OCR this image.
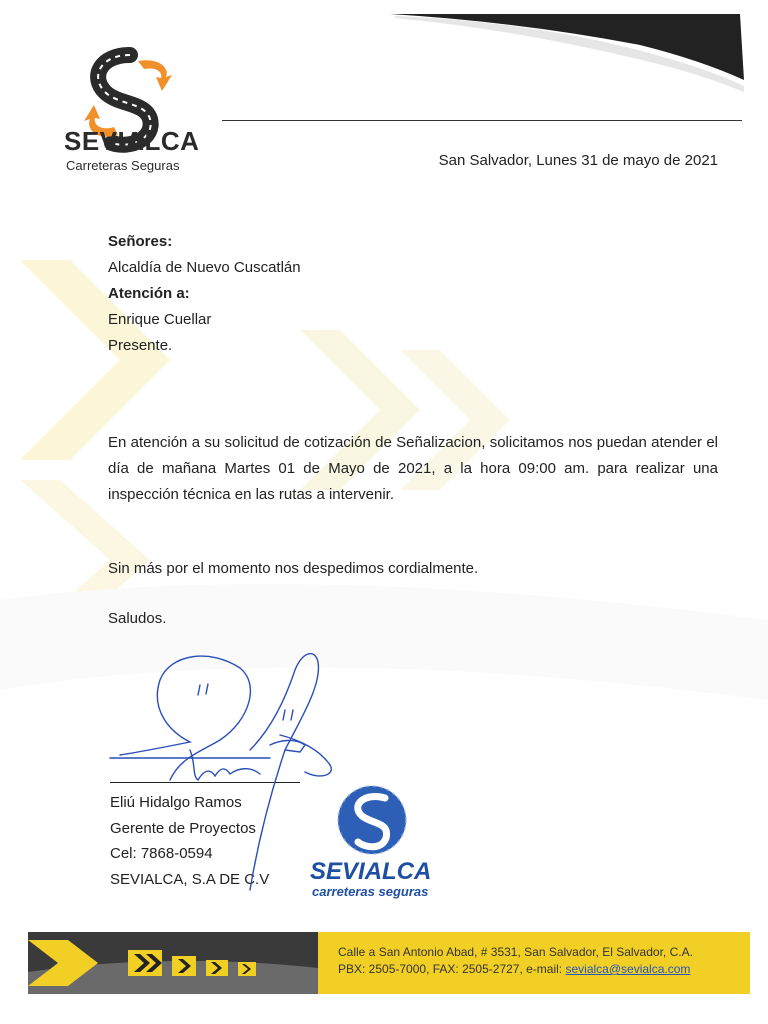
SEVIALCA
Carreteras Seguras	San Salvador, Lunes 31 de mayo de 2021
Señores:
Alcaldía de Nuevo Cuscatlán
Atención a:
Enrique Cuellar
Presente.
En atención a su solicitud de cotización de Señalizacion, solicitamos nos puedan atender el día de mañana Martes 01 de Mayo de 2021, a la hora 09:00 am. para realizar una inspección técnica en las rutas a intervenir.
Sin más por el momento nos despedimos cordialmente.
Saludos.
Eliú Hidalgo Ramos
Gerente de Proyectos
Cel: 7868-0594
SEVIALCA, S.A DE C.V SEVIALCA
carreteras seguras
Calle a San Antonio Abad, # 3531, San Salvador, El Salvador, C.A.
PBX: 2505-7000, FAX: 2505-2727, e-mail: sevialca@sevialca.com
